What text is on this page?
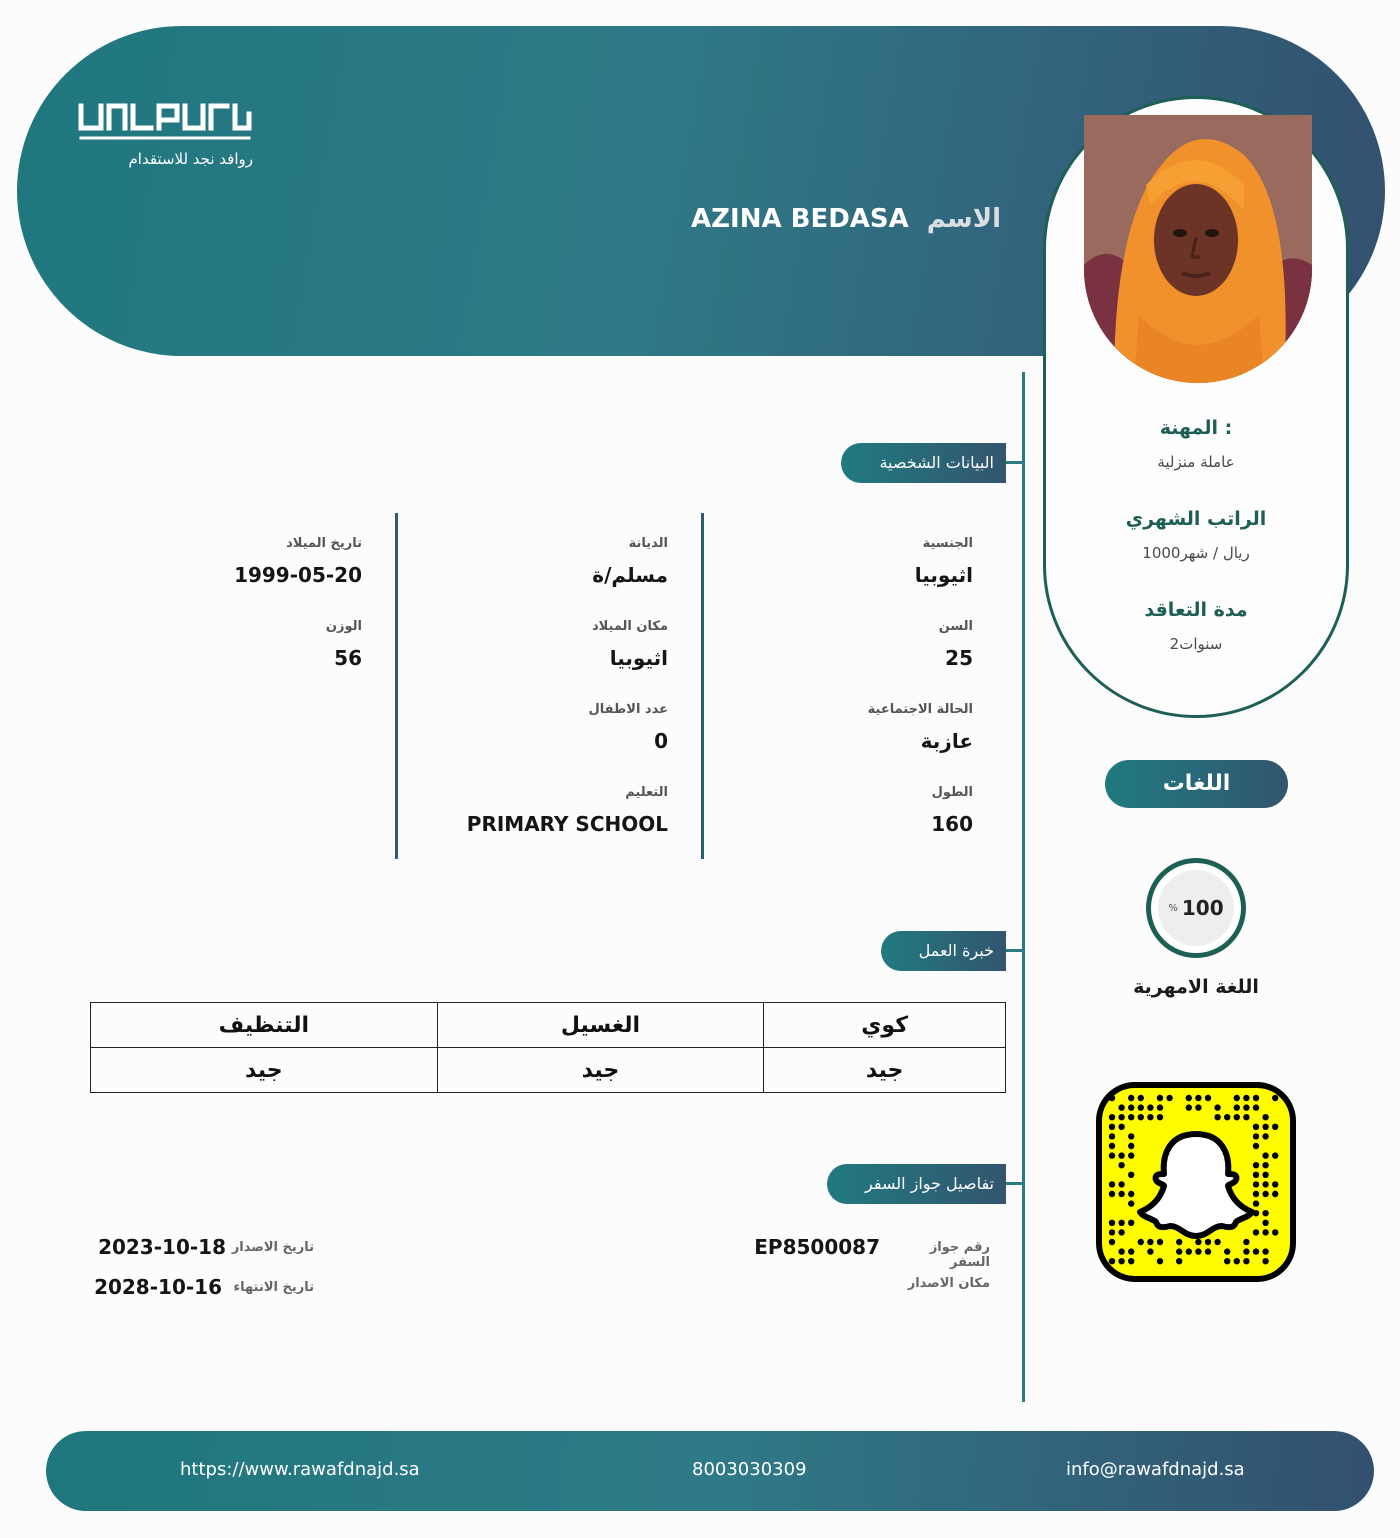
روافد نجد للاستقدام
الاسم
AZINA BEDASA
المهنة :
عاملة منزلية
الراتب الشهري
1000ريال / شهر
مدة التعاقد
2سنوات
البيانات الشخصية
الجنسية
اثيوبيا
السن
25
الحالة الاجتماعية
عازبة
الطول
160
الديانة
مسلم/ة
مكان الميلاد
اثيوبيا
عدد الاطفال
0
التعليم
PRIMARY SCHOOL
تاريخ الميلاد
1999-05-20
الوزن
56
خبرة العمل
التنظيف	الغسيل	كوي
جيد	جيد	جيد
تفاصيل جواز السفر
رقم جواز السفر
EP8500087
مكان الاصدار
تاريخ الاصدار
2023-10-18
تاريخ الانتهاء
2028-10-16
اللغات
% 100
اللغة الامهرية
https://www.rawafdnajd.sa	8003030309	info@rawafdnajd.sa
